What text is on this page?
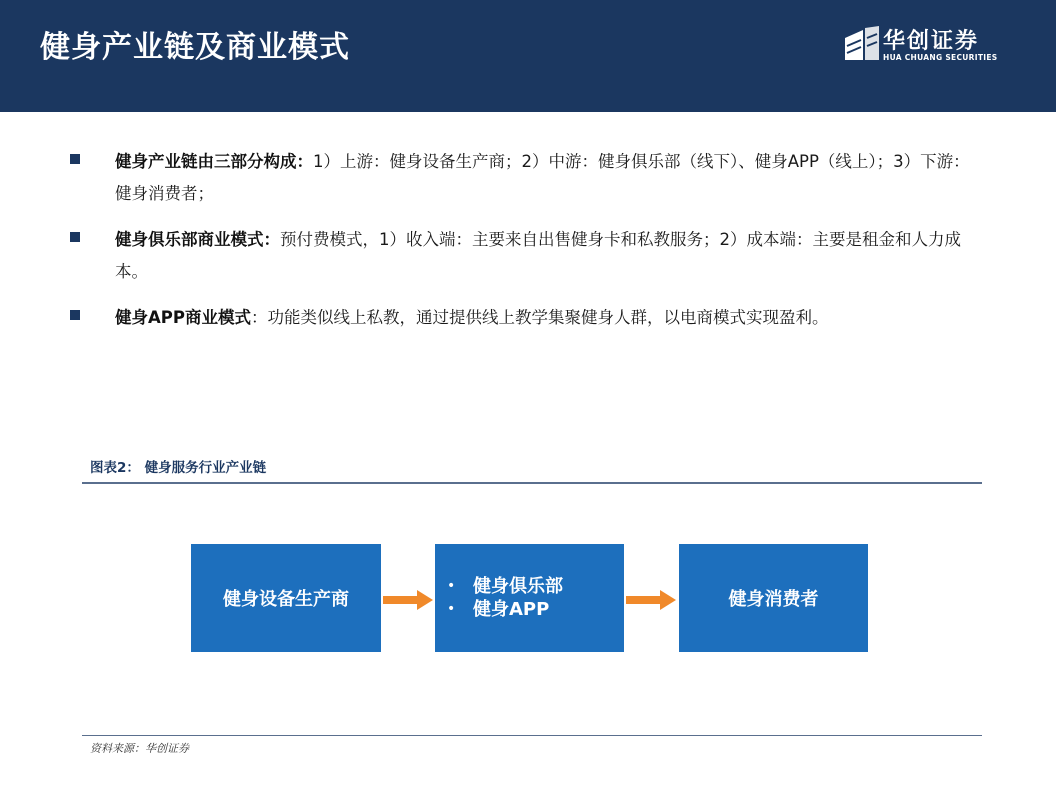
健身产业链及商业模式	华创证券
HUA CHUANG SECURITIES
健身产业链由三部分构成：1）上游：健身设备生产商；2）中游：健身俱乐部（线下）、健身APP（线上）；3）下游：健身消费者；
健身俱乐部商业模式：预付费模式，1）收入端：主要来自出售健身卡和私教服务；2）成本端：主要是租金和人力成本。
健身APP商业模式：功能类似线上私教，通过提供线上教学集聚健身人群，以电商模式实现盈利。
图表2： 健身服务行业产业链
健身设备生产商
• 健身俱乐部
• 健身APP	健身消费者
资料来源：华创证券
